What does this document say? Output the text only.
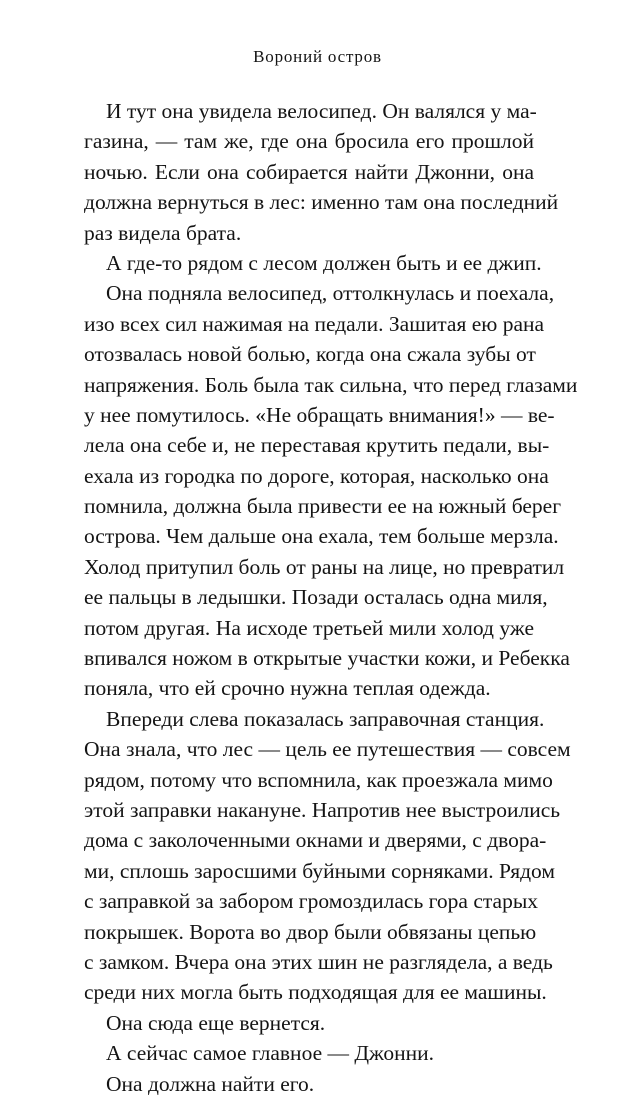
Вороний остров
И тут она увидела велосипед. Он валялся у ма-
газина, — там же, где она бросила его прошлой
ночью. Если она собирается найти Джонни, она
должна вернуться в лес: именно там она последний
раз видела брата.
А где-то рядом с лесом должен быть и ее джип.
Она подняла велосипед, оттолкнулась и поехала,
изо всех сил нажимая на педали. Зашитая ею рана
отозвалась новой болью, когда она сжала зубы от
напряжения. Боль была так сильна, что перед глазами
у нее помутилось. «Не обращать внимания!» — ве-
лела она себе и, не переставая крутить педали, вы-
ехала из городка по дороге, которая, насколько она
помнила, должна была привести ее на южный берег
острова. Чем дальше она ехала, тем больше мерзла.
Холод притупил боль от раны на лице, но превратил
ее пальцы в ледышки. Позади осталась одна миля,
потом другая. На исходе третьей мили холод уже
впивался ножом в открытые участки кожи, и Ребекка
поняла, что ей срочно нужна теплая одежда.
Впереди слева показалась заправочная станция.
Она знала, что лес — цель ее путешествия — совсем
рядом, потому что вспомнила, как проезжала мимо
этой заправки накануне. Напротив нее выстроились
дома с заколоченными окнами и дверями, с двора-
ми, сплошь заросшими буйными сорняками. Рядом
с заправкой за забором громоздилась гора старых
покрышек. Ворота во двор были обвязаны цепью
с замком. Вчера она этих шин не разглядела, а ведь
среди них могла быть подходящая для ее машины.
Она сюда еще вернется.
А сейчас самое главное — Джонни.
Она должна найти его.
